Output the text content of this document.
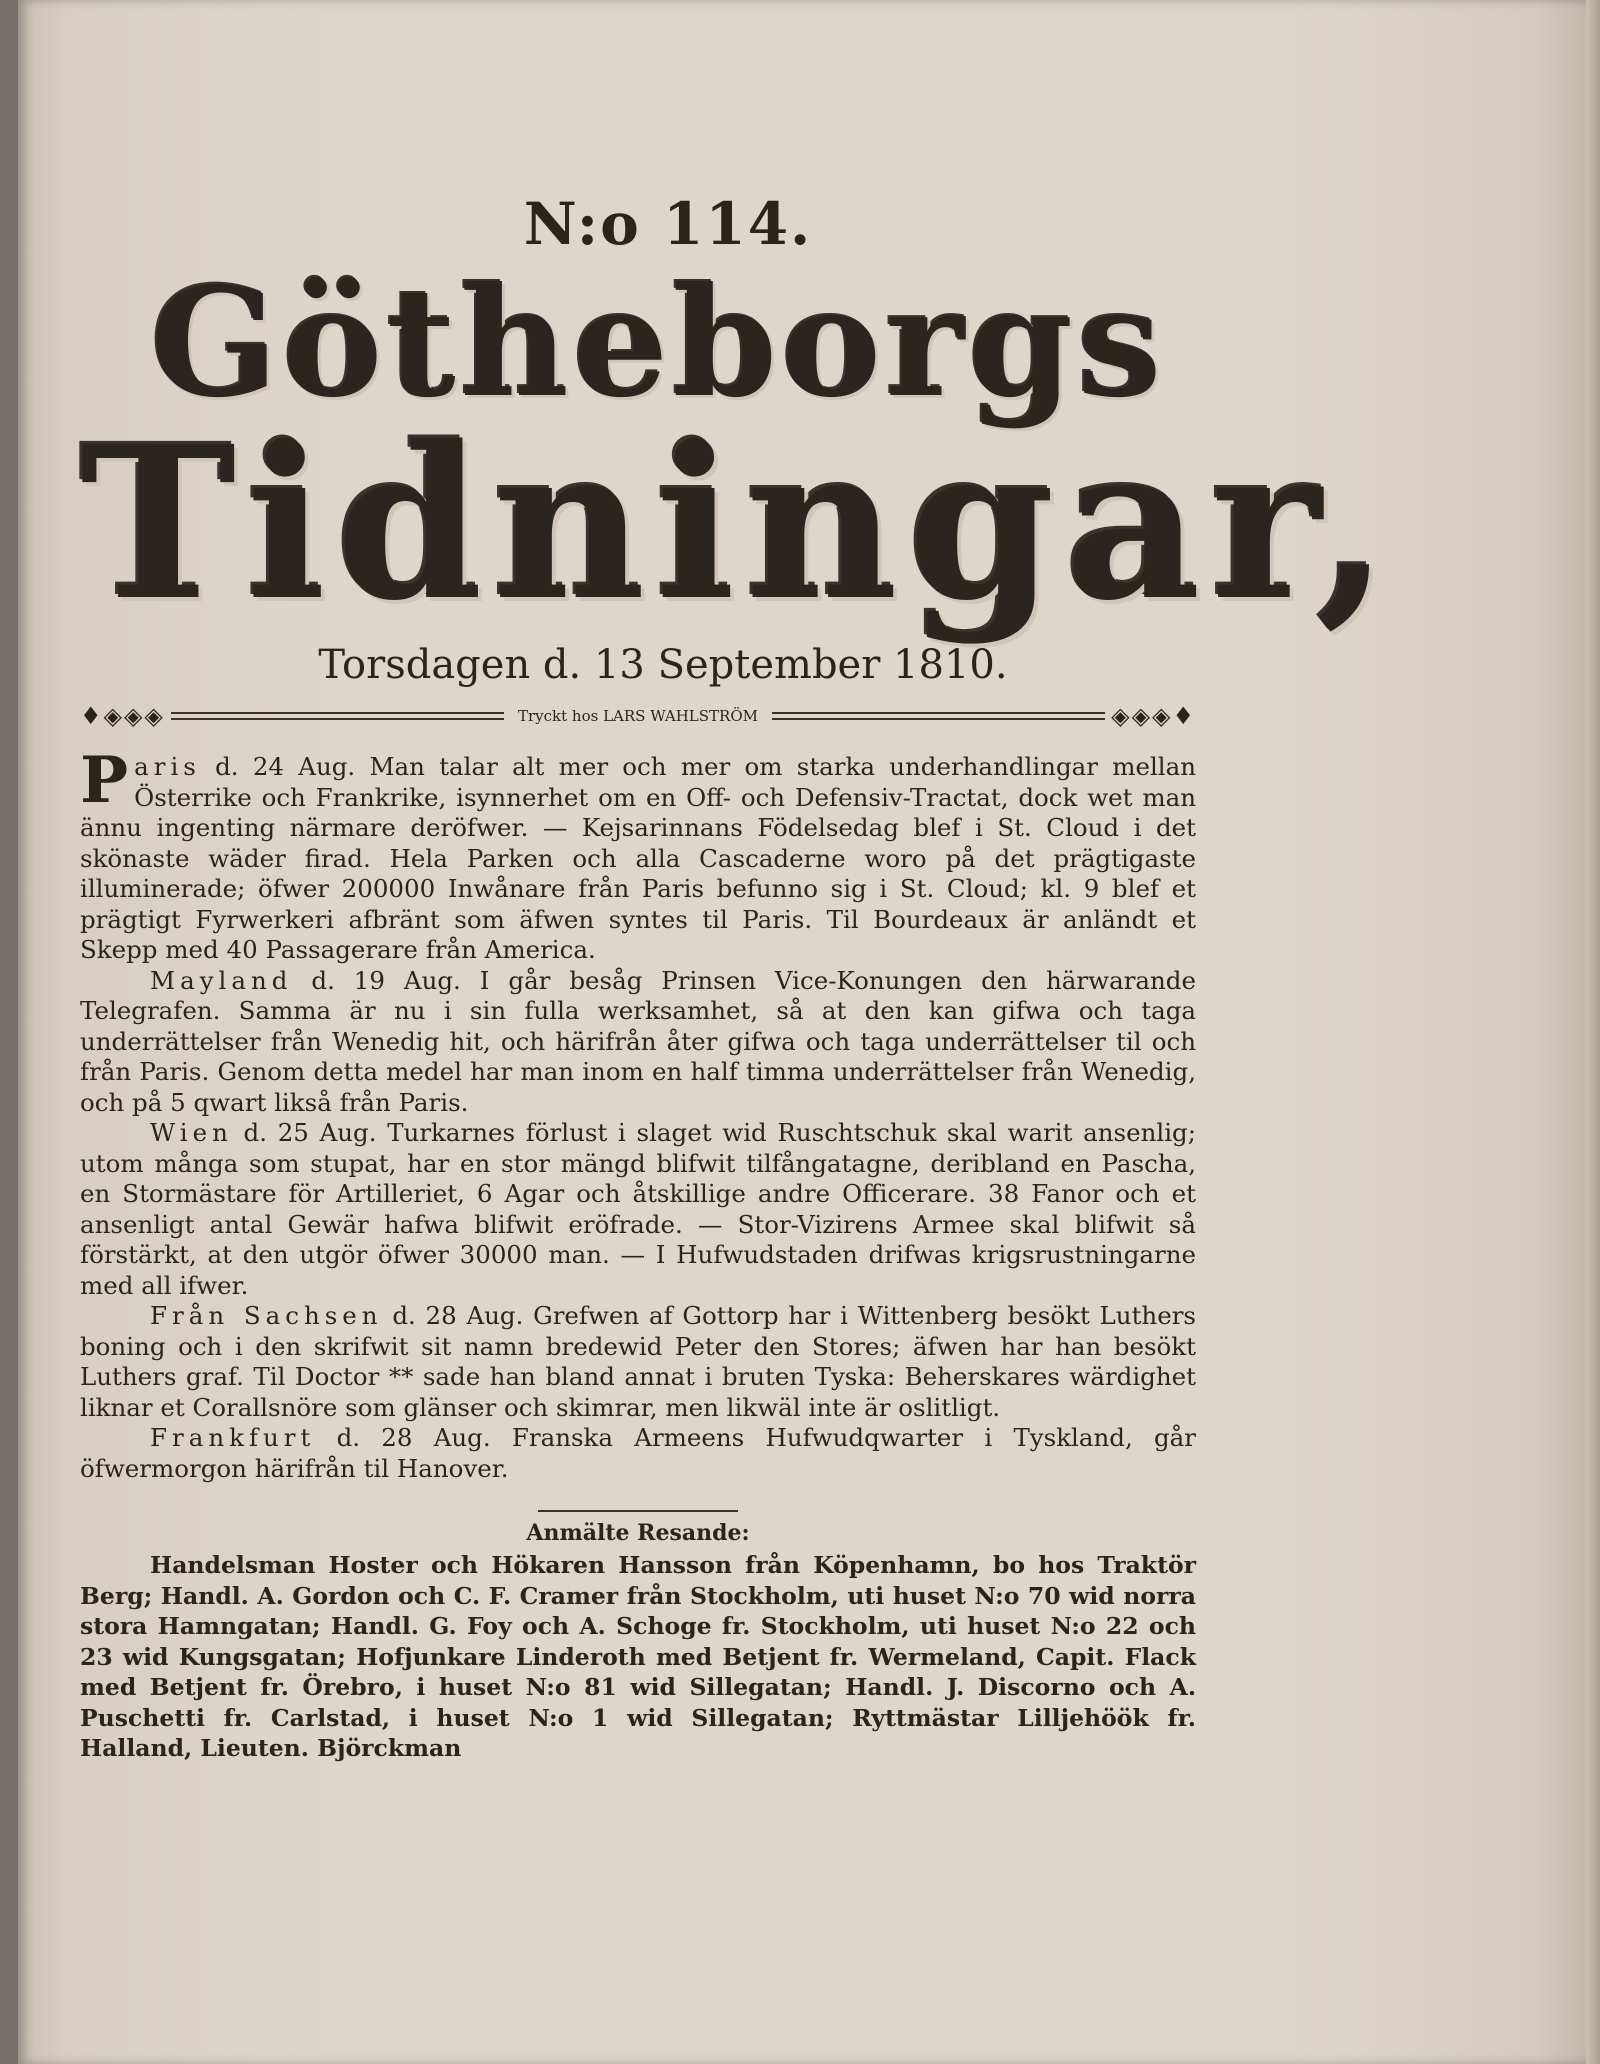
N:o 114.
Götheborgs
Tidningar,
Torsdagen d. 13 September 1810.
♦◈◈◈	Tryckt hos LARS WAHLSTRÖM	◈◈◈♦

Paris d. 24 Aug. Man talar alt mer och mer om starka underhandlingar mellan Österrike och Frankrike, isynnerhet om en Off- och Defensiv-Tractat, dock wet man ännu ingenting närmare deröfwer. — Kejsarinnans Födelsedag blef i St. Cloud i det skönaste wäder firad. Hela Parken och alla Cascaderne woro på det prägtigaste illuminerade; öfwer 200000 Inwånare från Paris befunno sig i St. Cloud; kl. 9 blef et prägtigt Fyrwerkeri afbränt som äfwen syntes til Paris. Til Bourdeaux är anländt et Skepp med 40 Passagerare från America.

Mayland d. 19 Aug. I går besåg Prinsen Vice-Konungen den härwarande Telegrafen. Samma är nu i sin fulla werksamhet, så at den kan gifwa och taga underrättelser från Wenedig hit, och härifrån åter gifwa och taga underrättelser til och från Paris. Genom detta medel har man inom en half timma underrättelser från Wenedig, och på 5 qwart likså från Paris.

Wien d. 25 Aug. Turkarnes förlust i slaget wid Ruschtschuk skal warit ansenlig; utom många som stupat, har en stor mängd blifwit tilfångatagne, deribland en Pascha, en Stormästare för Artilleriet, 6 Agar och åtskillige andre Officerare. 38 Fanor och et ansenligt antal Gewär hafwa blifwit eröfrade. — Stor-Vizirens Armee skal blifwit så förstärkt, at den utgör öfwer 30000 man. — I Hufwudstaden drifwas krigsrustningarne med all ifwer.

Från Sachsen d. 28 Aug. Grefwen af Gottorp har i Wittenberg besökt Luthers boning och i den skrifwit sit namn bredewid Peter den Stores; äfwen har han besökt Luthers graf. Til Doctor ** sade han bland annat i bruten Tyska: Beherskares wärdighet liknar et Corallsnöre som glänser och skimrar, men likwäl inte är oslitligt.

Frankfurt d. 28 Aug. Franska Armeens Hufwudqwarter i Tyskland, går öfwermorgon härifrån til Hanover.

Anmälte Resande:

Handelsman Hoster och Hökaren Hansson från Köpenhamn, bo hos Traktör Berg; Handl. A. Gordon och C. F. Cramer från Stockholm, uti huset N:o 70 wid norra stora Hamngatan; Handl. G. Foy och A. Schoge fr. Stockholm, uti huset N:o 22 och 23 wid Kungsgatan; Hofjunkare Linderoth med Betjent fr. Wermeland, Capit. Flack med Betjent fr. Örebro, i huset N:o 81 wid Sillegatan; Handl. J. Discorno och A. Puschetti fr. Carlstad, i huset N:o 1 wid Sillegatan; Ryttmästar Lilljehöök fr. Halland, Lieuten. Björckman
